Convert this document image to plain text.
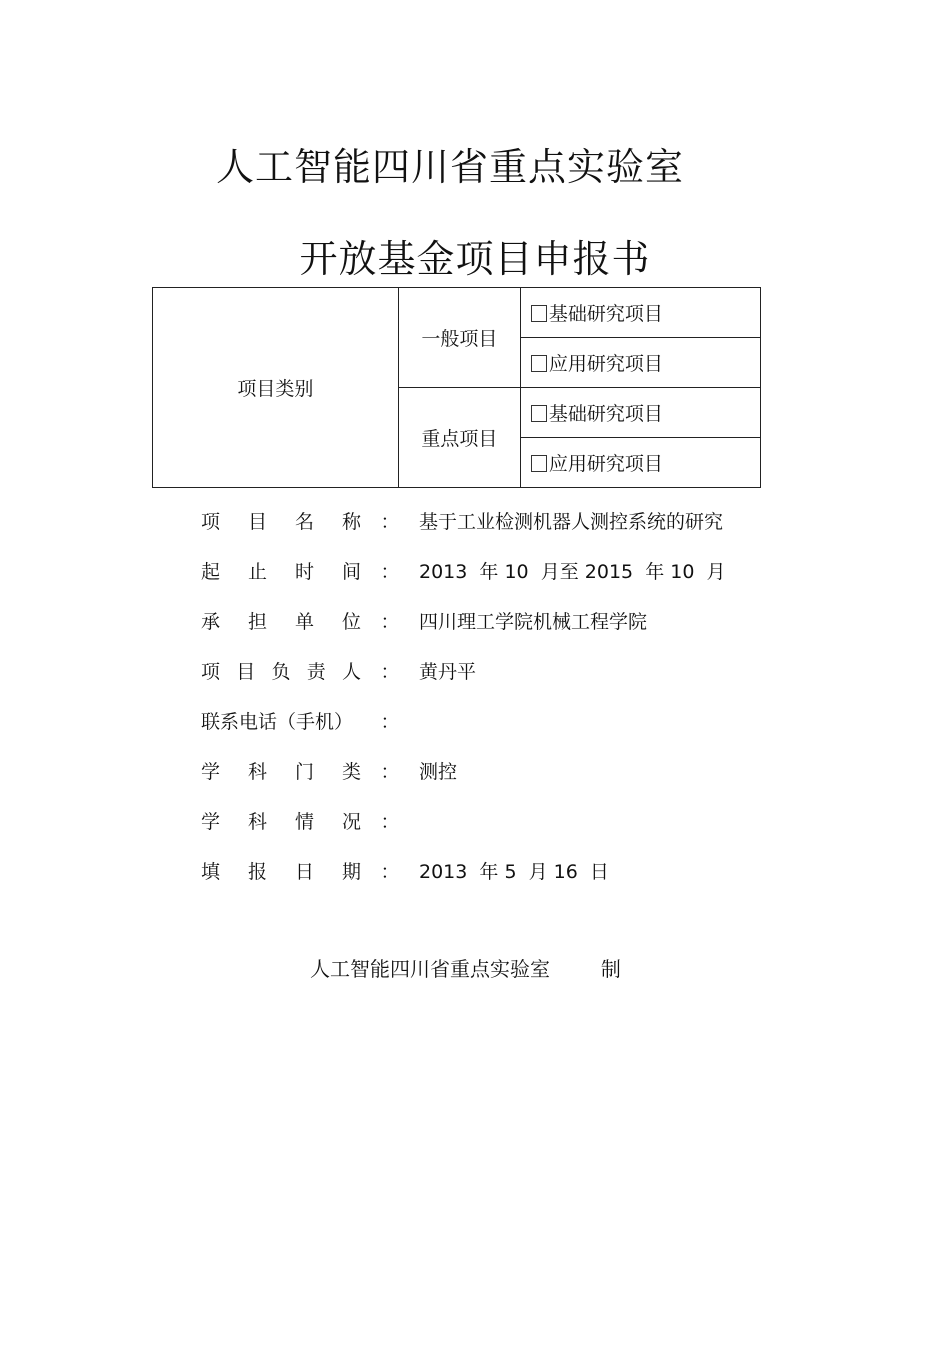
人工智能四川省重点实验室
开放基金项目申报书
项目类别	一般项目	基础研究项目
		应用研究项目
	重点项目	基础研究项目
		应用研究项目
项 目 名 称	：	基于工业检测机器人测控系统的研究
起 止 时 间	：	2013  年 10  月至 2015  年 10  月
承 担 单 位	：	四川理工学院机械工程学院
项 目 负 责 人	：	黄丹平
联系电话（手机）	：
学 科 门 类	：	测控
学 科 情 况	：
填 报 日 期	：	2013  年 5  月 16  日
人工智能四川省重点实验室	制
